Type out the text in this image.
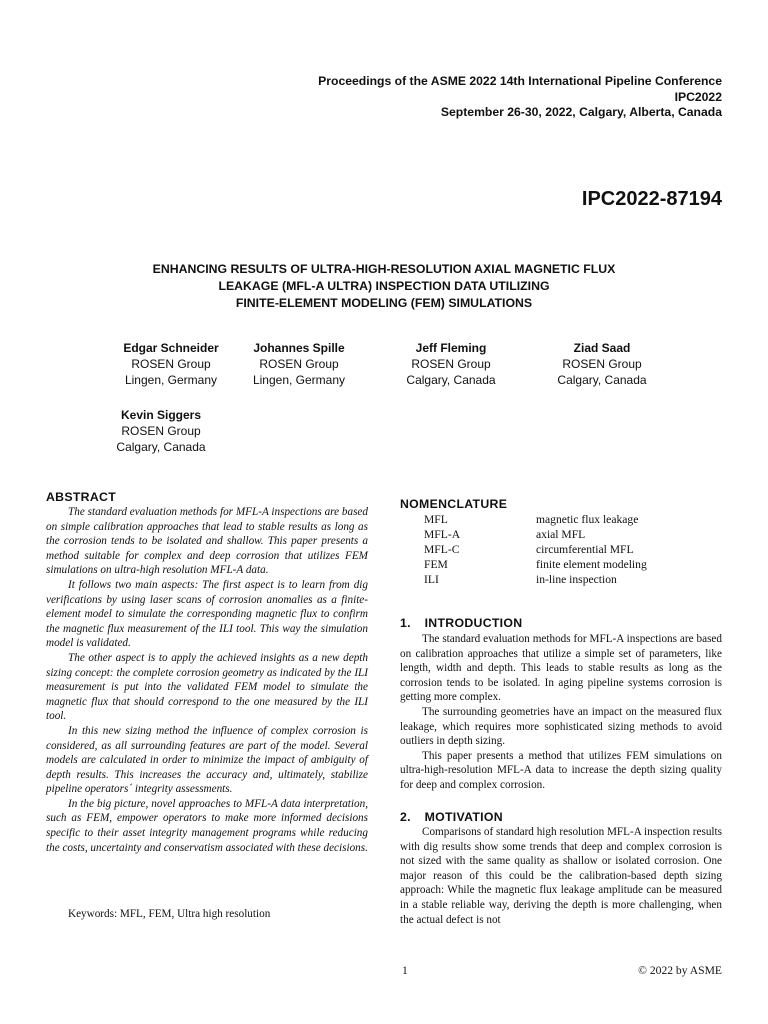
Proceedings of the ASME 2022 14th International Pipeline Conference
IPC2022
September 26-30, 2022, Calgary, Alberta, Canada
IPC2022-87194
ENHANCING RESULTS OF ULTRA-HIGH-RESOLUTION AXIAL MAGNETIC FLUX
LEAKAGE (MFL-A ULTRA) INSPECTION DATA UTILIZING
FINITE-ELEMENT MODELING (FEM) SIMULATIONS
Edgar Schneider
ROSEN Group
Lingen, Germany
Johannes Spille
ROSEN Group
Lingen, Germany
Jeff Fleming
ROSEN Group
Calgary, Canada
Ziad Saad
ROSEN Group
Calgary, Canada
Kevin Siggers
ROSEN Group
Calgary, Canada
ABSTRACT

The standard evaluation methods for MFL-A inspections are based on simple calibration approaches that lead to stable results as long as the corrosion tends to be isolated and shallow. This paper presents a method suitable for complex and deep corrosion that utilizes FEM simulations on ultra-high resolution MFL-A data.

It follows two main aspects: The first aspect is to learn from dig verifications by using laser scans of corrosion anomalies as a finite-element model to simulate the corresponding magnetic flux to confirm the magnetic flux measurement of the ILI tool. This way the simulation model is validated.

The other aspect is to apply the achieved insights as a new depth sizing concept: the complete corrosion geometry as indicated by the ILI measurement is put into the validated FEM model to simulate the magnetic flux that should correspond to the one measured by the ILI tool.

In this new sizing method the influence of complex corrosion is considered, as all surrounding features are part of the model. Several models are calculated in order to minimize the impact of ambiguity of depth results. This increases the accuracy and, ultimately, stabilize pipeline operators´ integrity assessments.

In the big picture, novel approaches to MFL-A data interpretation, such as FEM, empower operators to make more informed decisions specific to their asset integrity management programs while reducing the costs, uncertainty and conservatism associated with these decisions.

Keywords: MFL, FEM, Ultra high resolution
NOMENCLATURE
MFL	magnetic flux leakage
MFL-A	axial MFL
MFL-C	circumferential MFL
FEM	finite element modeling
ILI	in-line inspection
1. INTRODUCTION

The standard evaluation methods for MFL-A inspections are based on calibration approaches that utilize a simple set of parameters, like length, width and depth. This leads to stable results as long as the corrosion tends to be isolated. In aging pipeline systems corrosion is getting more complex.

The surrounding geometries have an impact on the measured flux leakage, which requires more sophisticated sizing methods to avoid outliers in depth sizing.

This paper presents a method that utilizes FEM simulations on ultra-high-resolution MFL-A data to increase the depth sizing quality for deep and complex corrosion.

2. MOTIVATION

Comparisons of standard high resolution MFL-A inspection results with dig results show some trends that deep and complex corrosion is not sized with the same quality as shallow or isolated corrosion. One major reason of this could be the calibration-based depth sizing approach: While the magnetic flux leakage amplitude can be measured in a stable reliable way, deriving the depth is more challenging, when the actual defect is not

1	© 2022 by ASME
